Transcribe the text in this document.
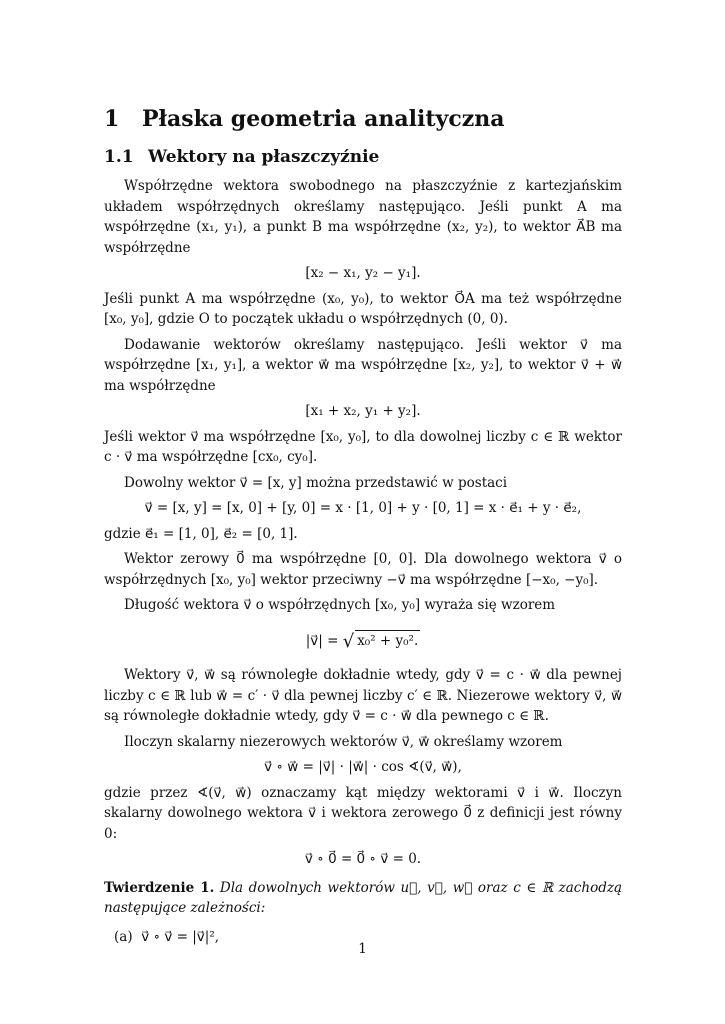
1 Płaska geometria analityczna
1.1 Wektory na płaszczyźnie

Współrzędne wektora swobodnego na płaszczyźnie z kartezjańskim układem współrzędnych określamy następująco. Jeśli punkt A ma współrzędne (x₁, y₁), a punkt B ma współrzędne (x₂, y₂), to wektor A⃗B ma współrzędne

[x₂ − x₁, y₂ − y₁].

Jeśli punkt A ma współrzędne (x₀, y₀), to wektor O⃗A ma też współrzędne [x₀, y₀], gdzie O to początek układu o współrzędnych (0, 0).

Dodawanie wektorów określamy następująco. Jeśli wektor v⃗ ma współrzędne [x₁, y₁], a wektor w⃗ ma współrzędne [x₂, y₂], to wektor v⃗ + w⃗ ma współrzędne

[x₁ + x₂, y₁ + y₂].

Jeśli wektor v⃗ ma współrzędne [x₀, y₀], to dla dowolnej liczby c ∈ ℝ wektor c · v⃗ ma współrzędne [cx₀, cy₀].

Dowolny wektor v⃗ = [x, y] można przedstawić w postaci

v⃗ = [x, y] = [x, 0] + [y, 0] = x · [1, 0] + y · [0, 1] = x · e⃗₁ + y · e⃗₂,

gdzie e⃗₁ = [1, 0], e⃗₂ = [0, 1].

Wektor zerowy 0⃗ ma współrzędne [0, 0]. Dla dowolnego wektora v⃗ o współrzędnych [x₀, y₀] wektor przeciwny −v⃗ ma współrzędne [−x₀, −y₀].

Długość wektora v⃗ o współrzędnych [x₀, y₀] wyraża się wzorem

|v⃗| = √ x₀² + y₀².

Wektory v⃗, w⃗ są równoległe dokładnie wtedy, gdy v⃗ = c · w⃗ dla pewnej liczby c ∈ ℝ lub w⃗ = c′ · v⃗ dla pewnej liczby c′ ∈ ℝ. Niezerowe wektory v⃗, w⃗ są równoległe dokładnie wtedy, gdy v⃗ = c · w⃗ dla pewnego c ∈ ℝ.

Iloczyn skalarny niezerowych wektorów v⃗, w⃗ określamy wzorem

v⃗ ∘ w⃗ = |v⃗| · |w⃗| · cos ∢(v⃗, w⃗),

gdzie przez ∢(v⃗, w⃗) oznaczamy kąt między wektorami v⃗ i w⃗. Iloczyn skalarny dowolnego wektora v⃗ i wektora zerowego 0⃗ z definicji jest równy 0:

v⃗ ∘ 0⃗ = 0⃗ ∘ v⃗ = 0.

Twierdzenie 1. Dla dowolnych wektorów u⃗, v⃗, w⃗ oraz c ∈ ℝ zachodzą następujące zależności:

(a) v⃗ ∘ v⃗ = |v⃗|²,
1
